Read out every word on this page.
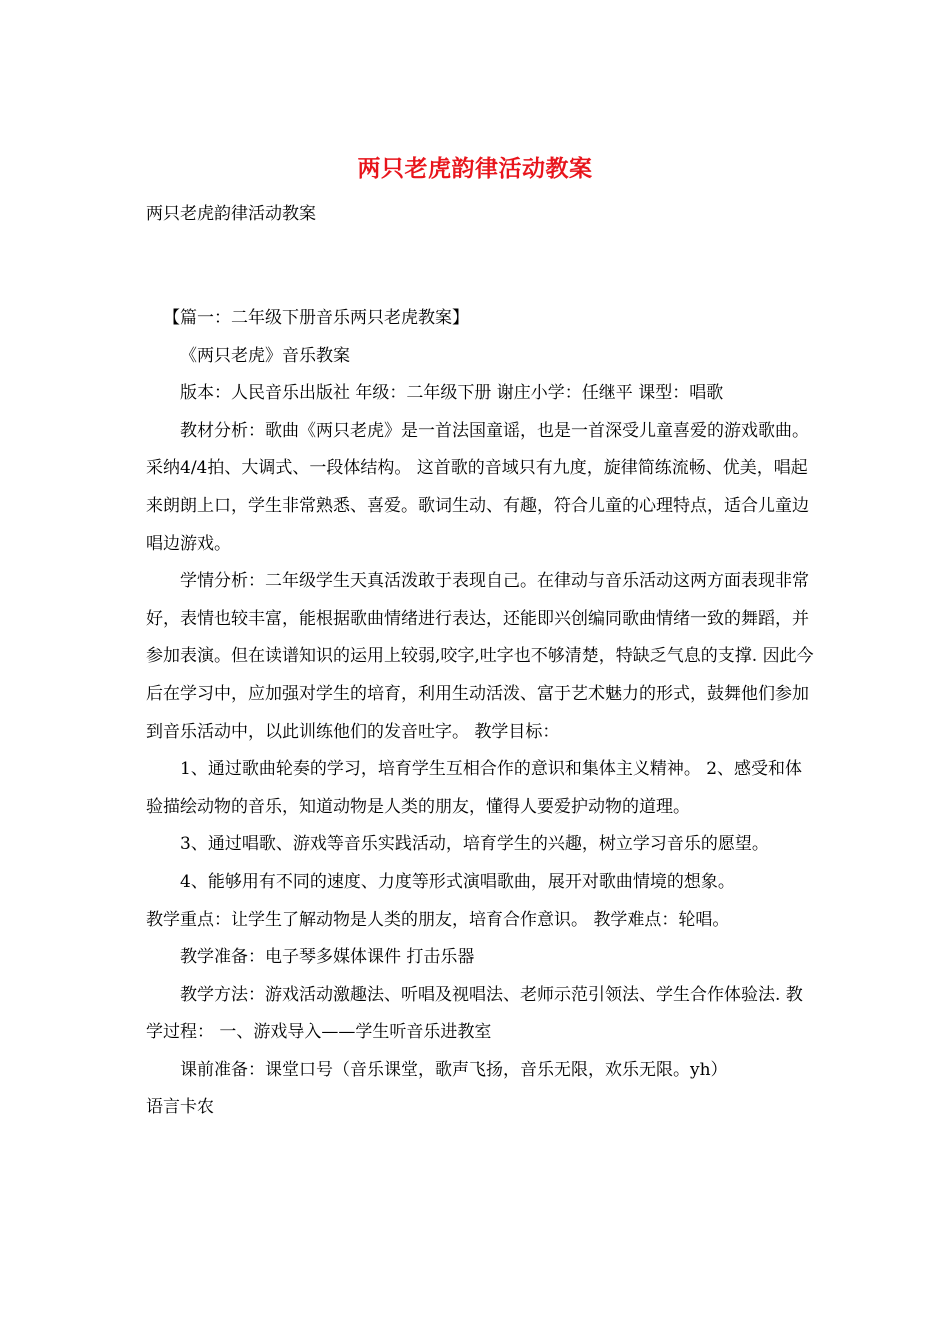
两只老虎韵律活动教案
两只老虎韵律活动教案

【篇一：二年级下册音乐两只老虎教案】

《两只老虎》音乐教案

版本：人民音乐出版社 年级：二年级下册 谢庄小学：任继平 课型：唱歌

教材分析：歌曲《两只老虎》是一首法国童谣，也是一首深受儿童喜爱的游戏歌曲。采纳4/4拍、大调式、一段体结构。 这首歌的音域只有九度，旋律简练流畅、优美，唱起来朗朗上口，学生非常熟悉、喜爱。歌词生动、有趣，符合儿童的心理特点，适合儿童边唱边游戏。

学情分析：二年级学生天真活泼敢于表现自己。在律动与音乐活动这两方面表现非常好，表情也较丰富，能根据歌曲情绪进行表达，还能即兴创编同歌曲情绪一致的舞蹈，并参加表演。但在读谱知识的运用上较弱,咬字,吐字也不够清楚，特缺乏气息的支撑. 因此今后在学习中，应加强对学生的培育，利用生动活泼、富于艺术魅力的形式，鼓舞他们参加到音乐活动中，以此训练他们的发音吐字。 教学目标：

1、通过歌曲轮奏的学习，培育学生互相合作的意识和集体主义精神。 2、感受和体验描绘动物的音乐，知道动物是人类的朋友，懂得人要爱护动物的道理。

3、通过唱歌、游戏等音乐实践活动，培育学生的兴趣，树立学习音乐的愿望。

4、能够用有不同的速度、力度等形式演唱歌曲，展开对歌曲情境的想象。

教学重点：让学生了解动物是人类的朋友，培育合作意识。 教学难点：轮唱。

教学准备：电子琴多媒体课件 打击乐器

教学方法：游戏活动激趣法、听唱及视唱法、老师示范引领法、学生合作体验法. 教学过程： 一、游戏导入——学生听音乐进教室

课前准备：课堂口号（音乐课堂，歌声飞扬，音乐无限，欢乐无限。yh）

语言卡农
